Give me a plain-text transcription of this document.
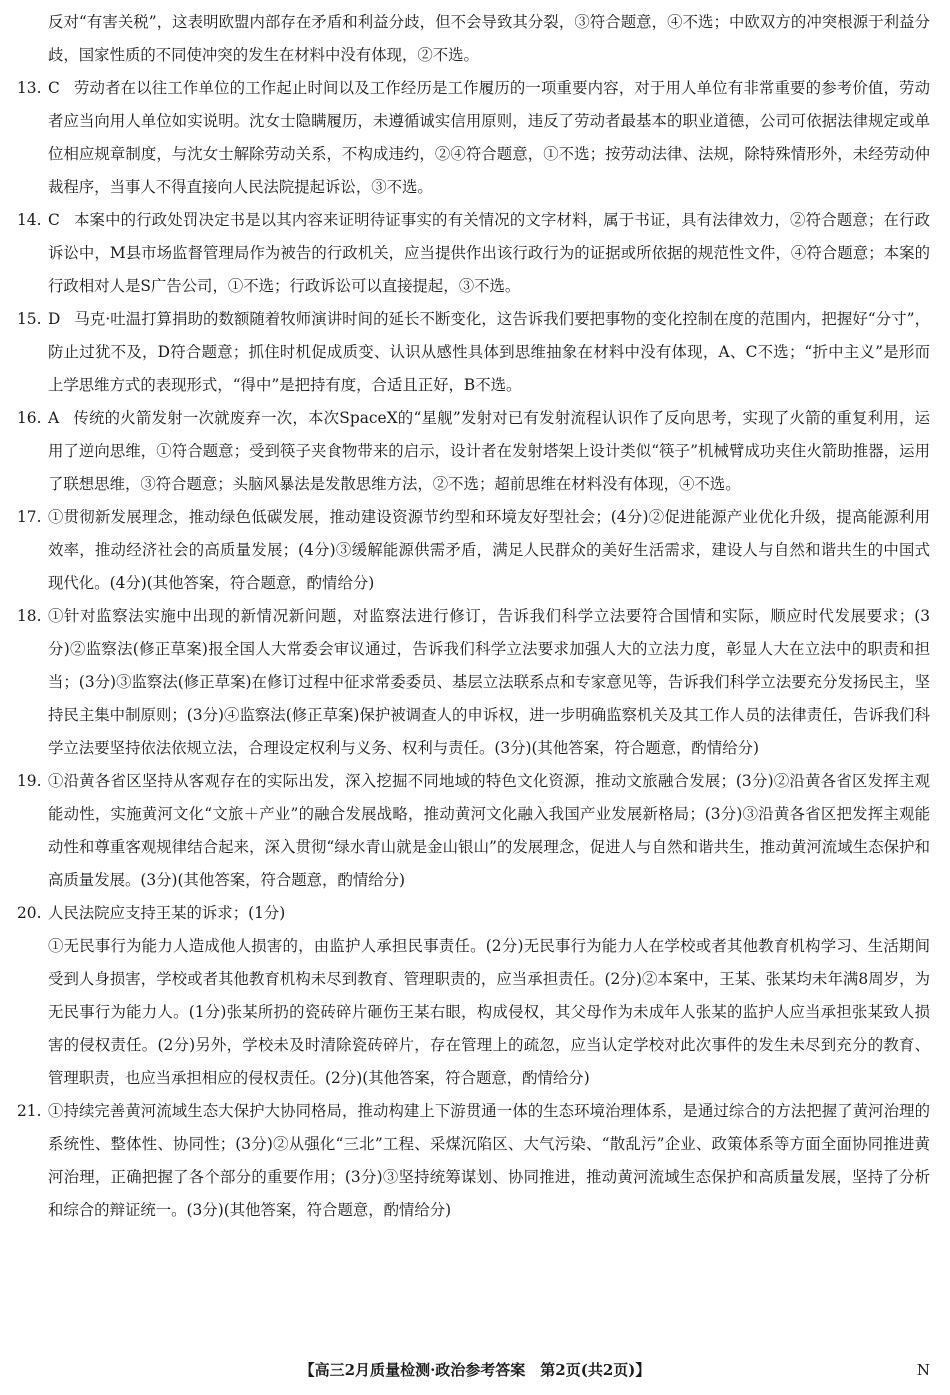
反对“有害关税”，这表明欧盟内部存在矛盾和利益分歧，但不会导致其分裂，③符合题意，④不选；中欧双方的冲突根源于利益分歧，国家性质的不同使冲突的发生在材料中没有体现，②不选。

13. C 劳动者在以往工作单位的工作起止时间以及工作经历是工作履历的一项重要内容，对于用人单位有非常重要的参考价值，劳动者应当向用人单位如实说明。沈女士隐瞒履历，未遵循诚实信用原则，违反了劳动者最基本的职业道德，公司可依据法律规定或单位相应规章制度，与沈女士解除劳动关系，不构成违约，②④符合题意，①不选；按劳动法律、法规，除特殊情形外，未经劳动仲裁程序，当事人不得直接向人民法院提起诉讼，③不选。
14. C 本案中的行政处罚决定书是以其内容来证明待证事实的有关情况的文字材料，属于书证，具有法律效力，②符合题意；在行政诉讼中，M县市场监督管理局作为被告的行政机关，应当提供作出该行政行为的证据或所依据的规范性文件，④符合题意；本案的行政相对人是S广告公司，①不选；行政诉讼可以直接提起，③不选。
15. D 马克·吐温打算捐助的数额随着牧师演讲时间的延长不断变化，这告诉我们要把事物的变化控制在度的范围内，把握好“分寸”，防止过犹不及，D符合题意；抓住时机促成质变、认识从感性具体到思维抽象在材料中没有体现，A、C不选；“折中主义”是形而上学思维方式的表现形式，“得中”是把持有度，合适且正好，B不选。
16. A 传统的火箭发射一次就废弃一次，本次SpaceX的“星舰”发射对已有发射流程认识作了反向思考，实现了火箭的重复利用，运用了逆向思维，①符合题意；受到筷子夹食物带来的启示，设计者在发射塔架上设计类似“筷子”机械臂成功夹住火箭助推器，运用了联想思维，③符合题意；头脑风暴法是发散思维方法，②不选；超前思维在材料没有体现，④不选。
17. ①贯彻新发展理念，推动绿色低碳发展，推动建设资源节约型和环境友好型社会；(4分)②促进能源产业优化升级，提高能源利用效率，推动经济社会的高质量发展；(4分)③缓解能源供需矛盾，满足人民群众的美好生活需求，建设人与自然和谐共生的中国式现代化。(4分)(其他答案，符合题意，酌情给分)
18. ①针对监察法实施中出现的新情况新问题，对监察法进行修订，告诉我们科学立法要符合国情和实际，顺应时代发展要求；(3分)②监察法(修正草案)报全国人大常委会审议通过，告诉我们科学立法要求加强人大的立法力度，彰显人大在立法中的职责和担当；(3分)③监察法(修正草案)在修订过程中征求常委委员、基层立法联系点和专家意见等，告诉我们科学立法要充分发扬民主，坚持民主集中制原则；(3分)④监察法(修正草案)保护被调查人的申诉权，进一步明确监察机关及其工作人员的法律责任，告诉我们科学立法要坚持依法依规立法，合理设定权利与义务、权利与责任。(3分)(其他答案，符合题意，酌情给分)
19. ①沿黄各省区坚持从客观存在的实际出发，深入挖掘不同地域的特色文化资源，推动文旅融合发展；(3分)②沿黄各省区发挥主观能动性，实施黄河文化“文旅＋产业”的融合发展战略，推动黄河文化融入我国产业发展新格局；(3分)③沿黄各省区把发挥主观能动性和尊重客观规律结合起来，深入贯彻“绿水青山就是金山银山”的发展理念，促进人与自然和谐共生，推动黄河流域生态保护和高质量发展。(3分)(其他答案，符合题意，酌情给分)
20. 人民法院应支持王某的诉求；(1分)

①无民事行为能力人造成他人损害的，由监护人承担民事责任。(2分)无民事行为能力人在学校或者其他教育机构学习、生活期间受到人身损害，学校或者其他教育机构未尽到教育、管理职责的，应当承担责任。(2分)②本案中，王某、张某均未年满8周岁，为无民事行为能力人。(1分)张某所扔的瓷砖碎片砸伤王某右眼，构成侵权，其父母作为未成年人张某的监护人应当承担张某致人损害的侵权责任。(2分)另外，学校未及时清除瓷砖碎片，存在管理上的疏忽，应当认定学校对此次事件的发生未尽到充分的教育、管理职责，也应当承担相应的侵权责任。(2分)(其他答案，符合题意，酌情给分)

21. ①持续完善黄河流域生态大保护大协同格局，推动构建上下游贯通一体的生态环境治理体系，是通过综合的方法把握了黄河治理的系统性、整体性、协同性；(3分)②从强化“三北”工程、采煤沉陷区、大气污染、“散乱污”企业、政策体系等方面全面协同推进黄河治理，正确把握了各个部分的重要作用；(3分)③坚持统筹谋划、协同推进，推动黄河流域生态保护和高质量发展，坚持了分析和综合的辩证统一。(3分)(其他答案，符合题意，酌情给分)
【高三2月质量检测·政治参考答案　第2页(共2页)】	N
